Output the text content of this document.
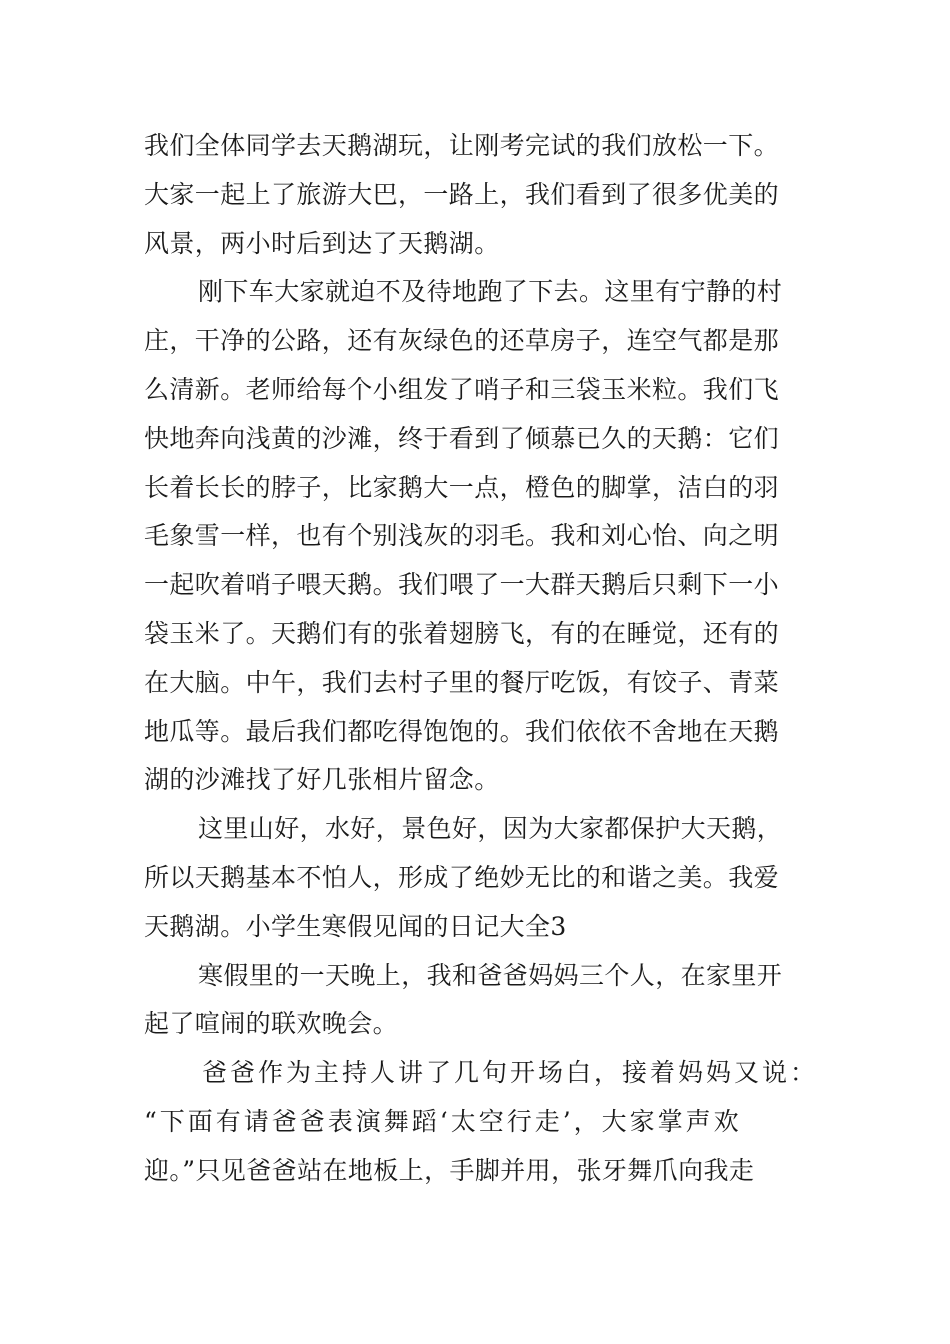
我们全体同学去天鹅湖玩，让刚考完试的我们放松一下。
大家一起上了旅游大巴，一路上，我们看到了很多优美的
风景，两小时后到达了天鹅湖。
刚下车大家就迫不及待地跑了下去。这里有宁静的村
庄，干净的公路，还有灰绿色的还草房子，连空气都是那
么清新。老师给每个小组发了哨子和三袋玉米粒。我们飞
快地奔向浅黄的沙滩，终于看到了倾慕已久的天鹅：它们
长着长长的脖子，比家鹅大一点，橙色的脚掌，洁白的羽
毛象雪一样，也有个别浅灰的羽毛。我和刘心怡、向之明
一起吹着哨子喂天鹅。我们喂了一大群天鹅后只剩下一小
袋玉米了。天鹅们有的张着翅膀飞，有的在睡觉，还有的
在大脑。中午，我们去村子里的餐厅吃饭，有饺子、青菜
地瓜等。最后我们都吃得饱饱的。我们依依不舍地在天鹅
湖的沙滩找了好几张相片留念。
这里山好，水好，景色好，因为大家都保护大天鹅，
所以天鹅基本不怕人，形成了绝妙无比的和谐之美。我爱
天鹅湖。小学生寒假见闻的日记大全3
寒假里的一天晚上，我和爸爸妈妈三个人，在家里开
起了喧闹的联欢晚会。
爸爸作为主持人讲了几句开场白，接着妈妈又说：
“下面有请爸爸表演舞蹈‘太空行走’，大家掌声欢
迎。”只见爸爸站在地板上，手脚并用，张牙舞爪向我走
